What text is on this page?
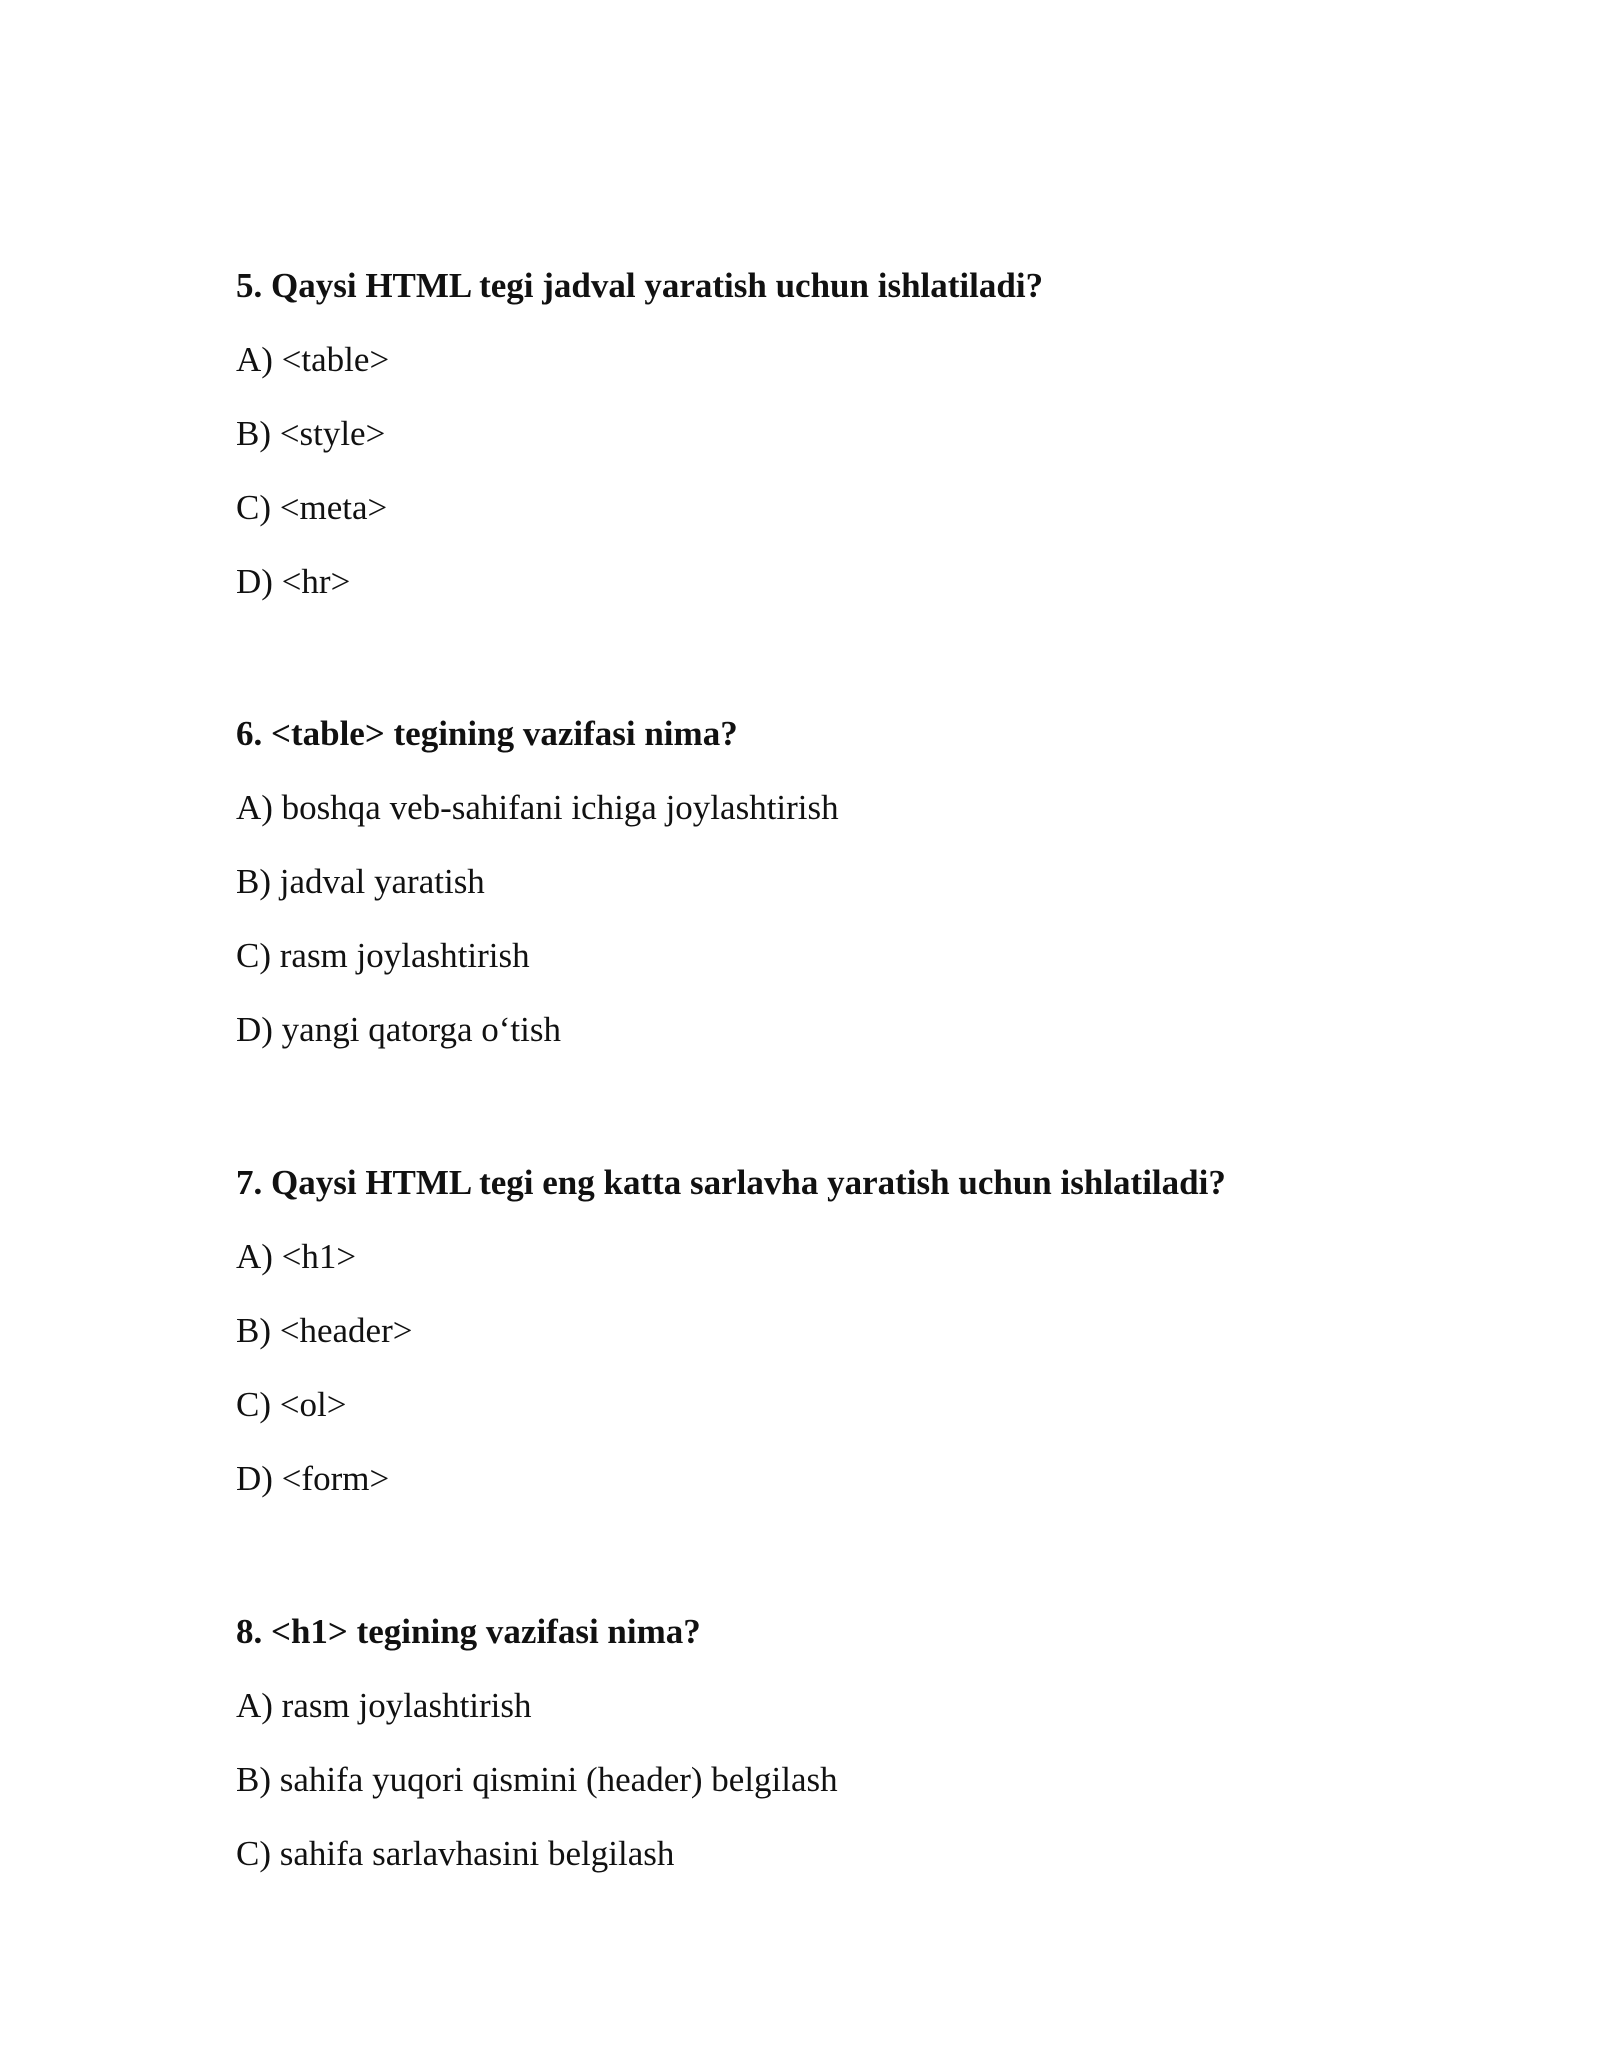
5. Qaysi HTML tegi jadval yaratish uchun ishlatiladi?

A) <table>

B) <style>

C) <meta>

D) <hr>

6. <table> tegining vazifasi nima?

A) boshqa veb-sahifani ichiga joylashtirish

B) jadval yaratish

C) rasm joylashtirish

D) yangi qatorga o‘tish

7. Qaysi HTML tegi eng katta sarlavha yaratish uchun ishlatiladi?

A) <h1>

B) <header>

C) <ol>

D) <form>

8. <h1> tegining vazifasi nima?

A) rasm joylashtirish

B) sahifa yuqori qismini (header) belgilash

C) sahifa sarlavhasini belgilash
